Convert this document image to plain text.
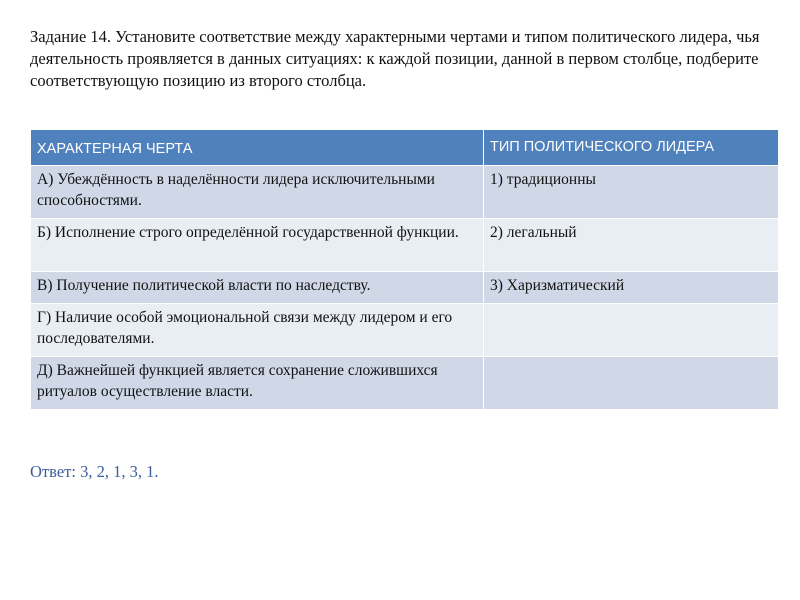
Задание 14. Установите соответствие между характерными чертами и типом политического лидера, чья деятельность проявляется в данных ситуациях: к каждой позиции, данной в первом столбце, подберите соответствующую позицию из второго столбца.

ХАРАКТЕРНАЯ ЧЕРТА	ТИП ПОЛИТИЧЕСКОГО ЛИДЕРА
А) Убеждённость в наделённости лидера исключительными способностями.	1) традиционны
Б) Исполнение строго определённой государственной функции.	2) легальный
В) Получение политической власти по наследству.	3) Харизматический
Г) Наличие особой эмоциональной связи между лидером и его последователями.	
Д) Важнейшей функцией является сохранение сложившихся ритуалов осуществление власти.	

Ответ: 3, 2, 1, 3, 1.
